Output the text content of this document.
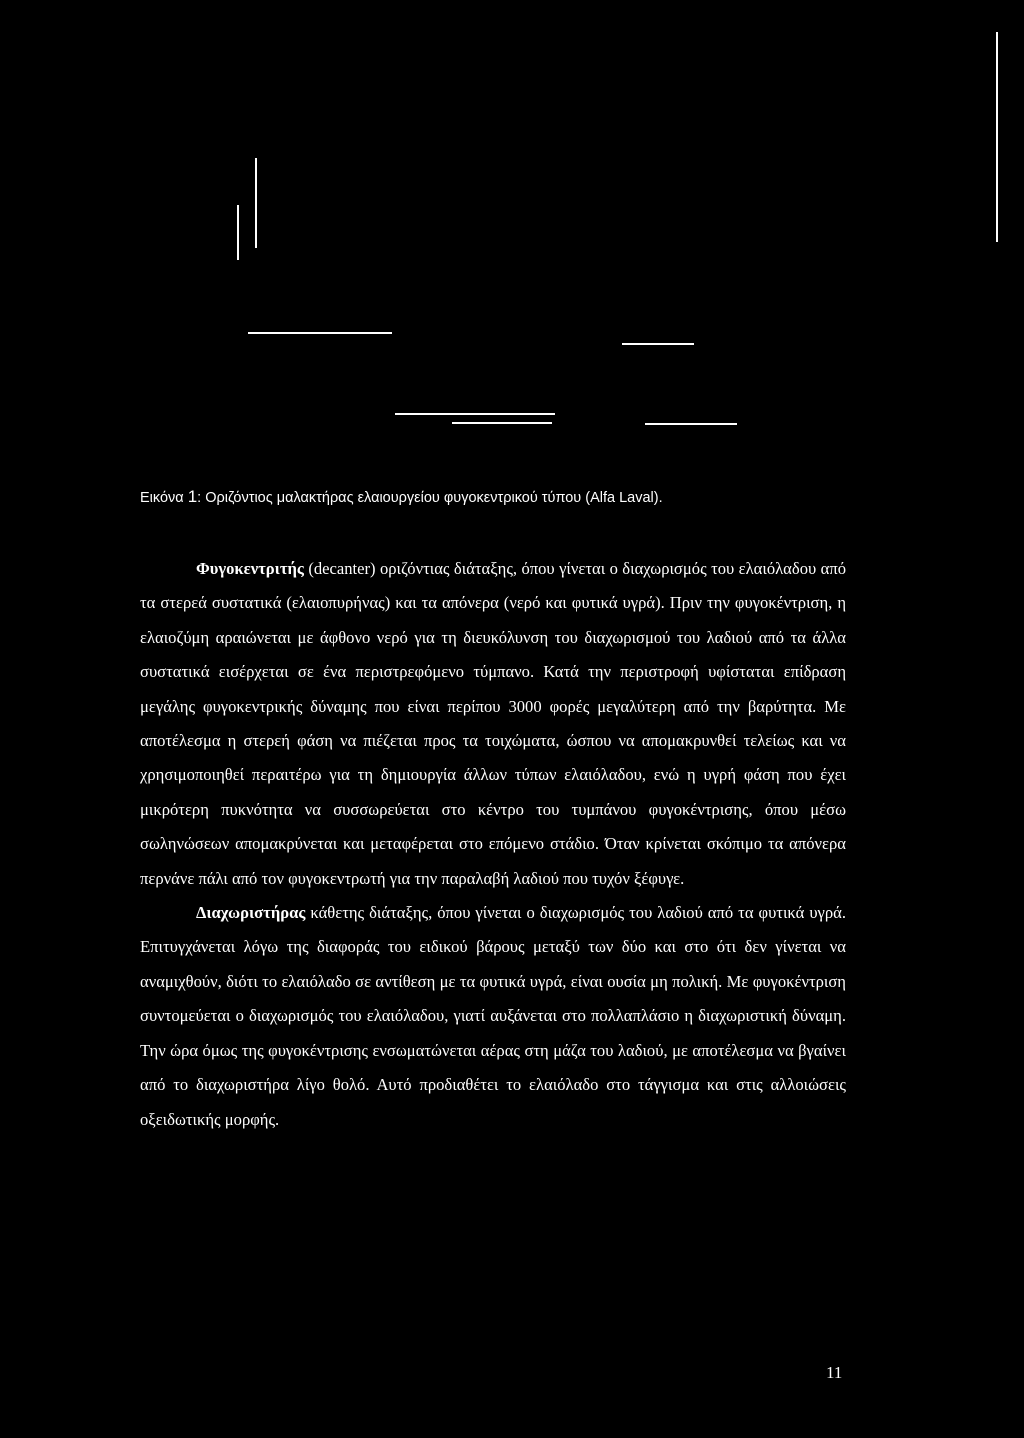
Εικόνα 1: Οριζόντιος μαλακτήρας ελαιουργείου φυγοκεντρικού τύπου (Alfa Laval).

Φυγοκεντριτής (decanter) οριζόντιας διάταξης, όπου γίνεται ο διαχωρισμός του ελαιόλαδου από τα στερεά συστατικά (ελαιοπυρήνας) και τα απόνερα (νερό και φυτικά υγρά). Πριν την φυγοκέντριση, η ελαιοζύμη αραιώνεται με άφθονο νερό για τη διευκόλυνση του διαχωρισμού του λαδιού από τα άλλα συστατικά εισέρχεται σε ένα περιστρεφόμενο τύμπανο. Κατά την περιστροφή υφίσταται επίδραση μεγάλης φυγοκεντρικής δύναμης που είναι περίπου 3000 φορές μεγαλύτερη από την βαρύτητα. Με αποτέλεσμα η στερεή φάση να πιέζεται προς τα τοιχώματα, ώσπου να απομακρυνθεί τελείως και να χρησιμοποιηθεί περαιτέρω για τη δημιουργία άλλων τύπων ελαιόλαδου, ενώ η υγρή φάση που έχει μικρότερη πυκνότητα να συσσωρεύεται στο κέντρο του τυμπάνου φυγοκέντρισης, όπου μέσω σωληνώσεων απομακρύνεται και μεταφέρεται στο επόμενο στάδιο. Όταν κρίνεται σκόπιμο τα απόνερα περνάνε πάλι από τον φυγοκεντρωτή για την παραλαβή λαδιού που τυχόν ξέφυγε.

Διαχωριστήρας κάθετης διάταξης, όπου γίνεται ο διαχωρισμός του λαδιού από τα φυτικά υγρά. Επιτυγχάνεται λόγω της διαφοράς του ειδικού βάρους μεταξύ των δύο και στο ότι δεν γίνεται να αναμιχθούν, διότι το ελαιόλαδο σε αντίθεση με τα φυτικά υγρά, είναι ουσία μη πολική. Με φυγοκέντριση συντομεύεται ο διαχωρισμός του ελαιόλαδου, γιατί αυξάνεται στο πολλαπλάσιο η διαχωριστική δύναμη. Την ώρα όμως της φυγοκέντρισης ενσωματώνεται αέρας στη μάζα του λαδιού, με αποτέλεσμα να βγαίνει από το διαχωριστήρα λίγο θολό. Αυτό προδιαθέτει το ελαιόλαδο στο τάγγισμα και στις αλλοιώσεις οξειδωτικής μορφής.

11
